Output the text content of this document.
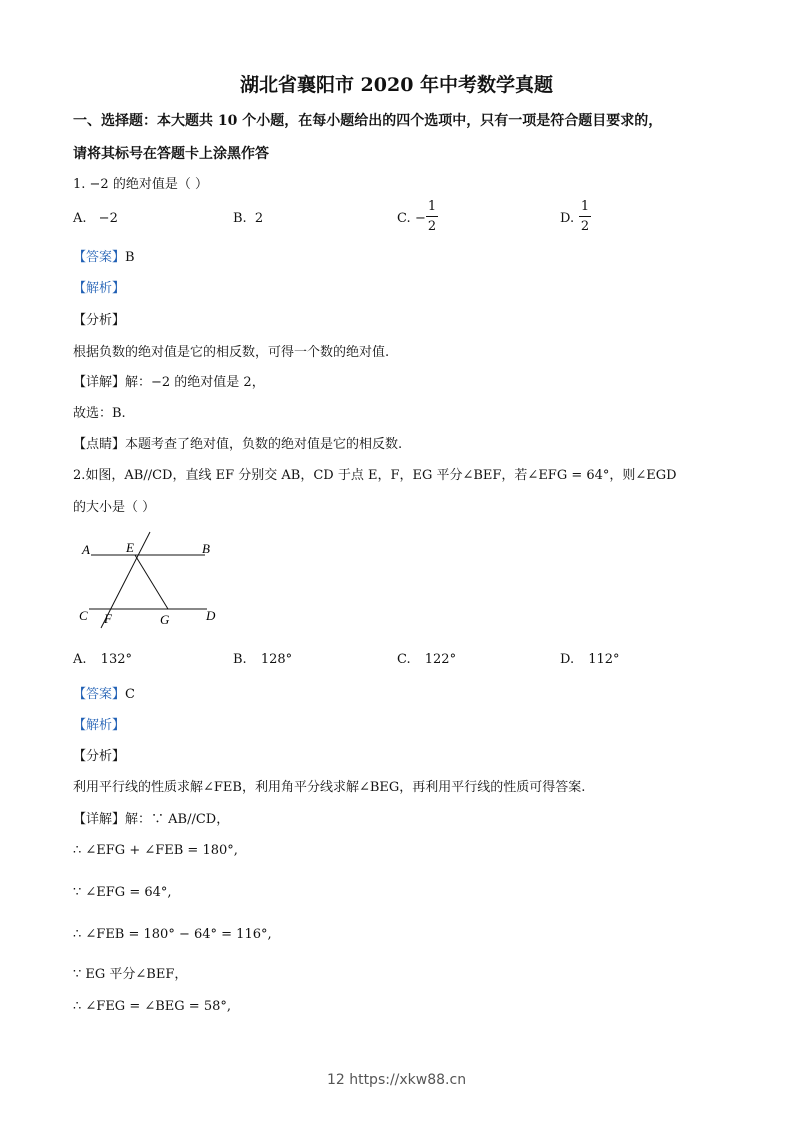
湖北省襄阳市 2020 年中考数学真题
一、选择题：本大题共 10 个小题，在每小题给出的四个选项中，只有一项是符合题目要求的，
请将其标号在答题卡上涂黑作答
1. −2 的绝对值是（ ）
A. −2	B. 2	C. −
1
2
D.
1
2
【答案】B
【解析】
【分析】
根据负数的绝对值是它的相反数，可得一个数的绝对值.
【详解】解：−2 的绝对值是 2，
故选：B.
【点睛】本题考查了绝对值，负数的绝对值是它的相反数.
2.如图，AB//CD，直线 EF 分别交 AB，CD 于点 E，F，EG 平分∠BEF，若∠EFG = 64°，则∠EGD
的大小是（ ）
A	E	B
C F	G	D
A. 132°	B. 128°	C. 122°	D. 112°
【答案】C
【解析】
【分析】
利用平行线的性质求解∠FEB，利用角平分线求解∠BEG，再利用平行线的性质可得答案.
【详解】解：∵ AB//CD，
∴ ∠EFG + ∠FEB = 180°,
∵ ∠EFG = 64°,
∴ ∠FEB = 180° − 64° = 116°,
∵ EG 平分∠BEF，
∴ ∠FEG = ∠BEG = 58°,
12 https://xkw88.cn
